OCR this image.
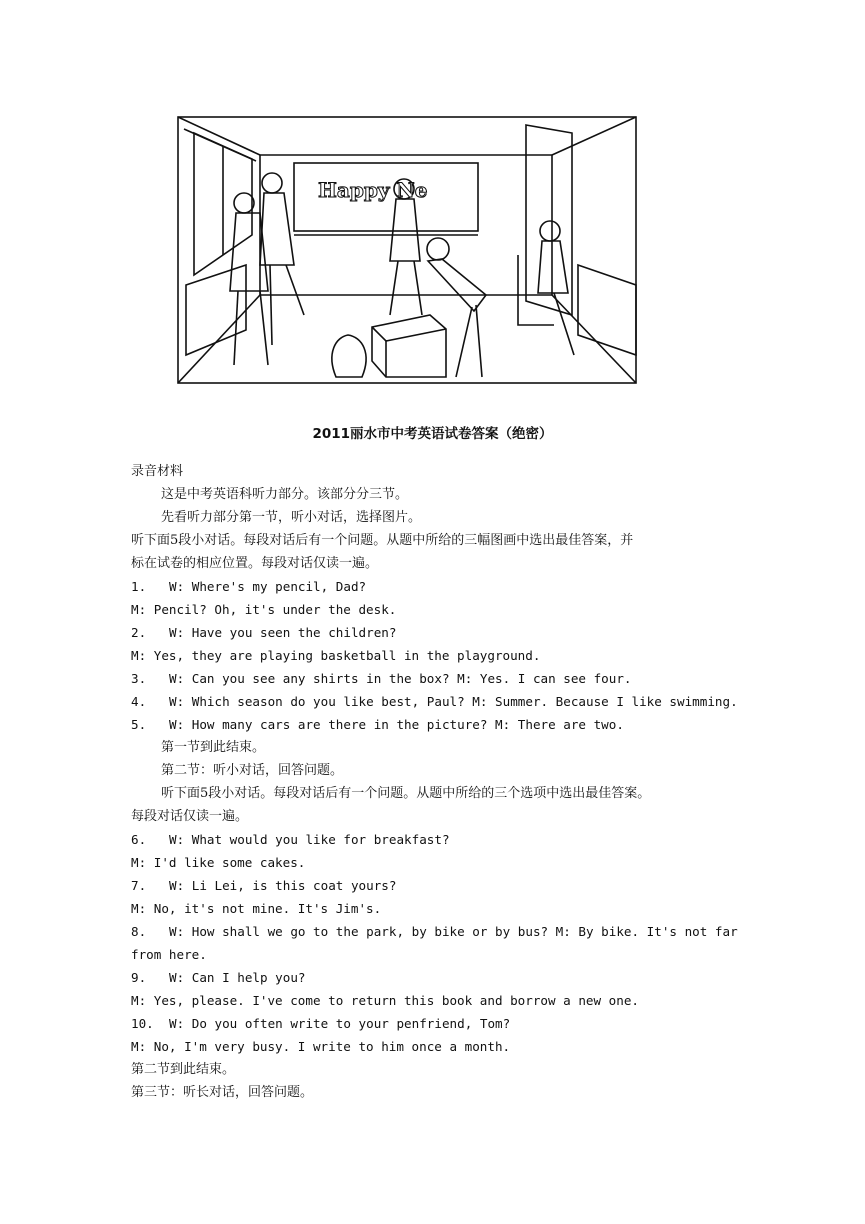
Happy Ne
2011丽水市中考英语试卷答案（绝密）
录音材料
这是中考英语科听力部分。该部分分三节。
先看听力部分第一节，听小对话，选择图片。
听下面5段小对话。每段对话后有一个问题。从题中所给的三幅图画中选出最佳答案，并
标在试卷的相应位置。每段对话仅读一遍。
1. W: Where's my pencil, Dad?
M: Pencil? Oh, it's under the desk.
2. W: Have you seen the children?
M: Yes, they are playing basketball in the playground.
3. W: Can you see any shirts in the box? M: Yes. I can see four.
4. W: Which season do you like best, Paul? M: Summer. Because I like swimming.
5. W: How many cars are there in the picture? M: There are two.
第一节到此结束。
第二节：听小对话，回答问题。
听下面5段小对话。每段对话后有一个问题。从题中所给的三个选项中选出最佳答案。
每段对话仅读一遍。
6. W: What would you like for breakfast?
M: I'd like some cakes.
7. W: Li Lei, is this coat yours?
M: No, it's not mine. It's Jim's.
8. W: How shall we go to the park, by bike or by bus? M: By bike. It's not far
from here.
9. W: Can I help you?
M: Yes, please. I've come to return this book and borrow a new one.
10. W: Do you often write to your penfriend, Tom?
M: No, I'm very busy. I write to him once a month.
第二节到此结束。
第三节：听长对话，回答问题。
